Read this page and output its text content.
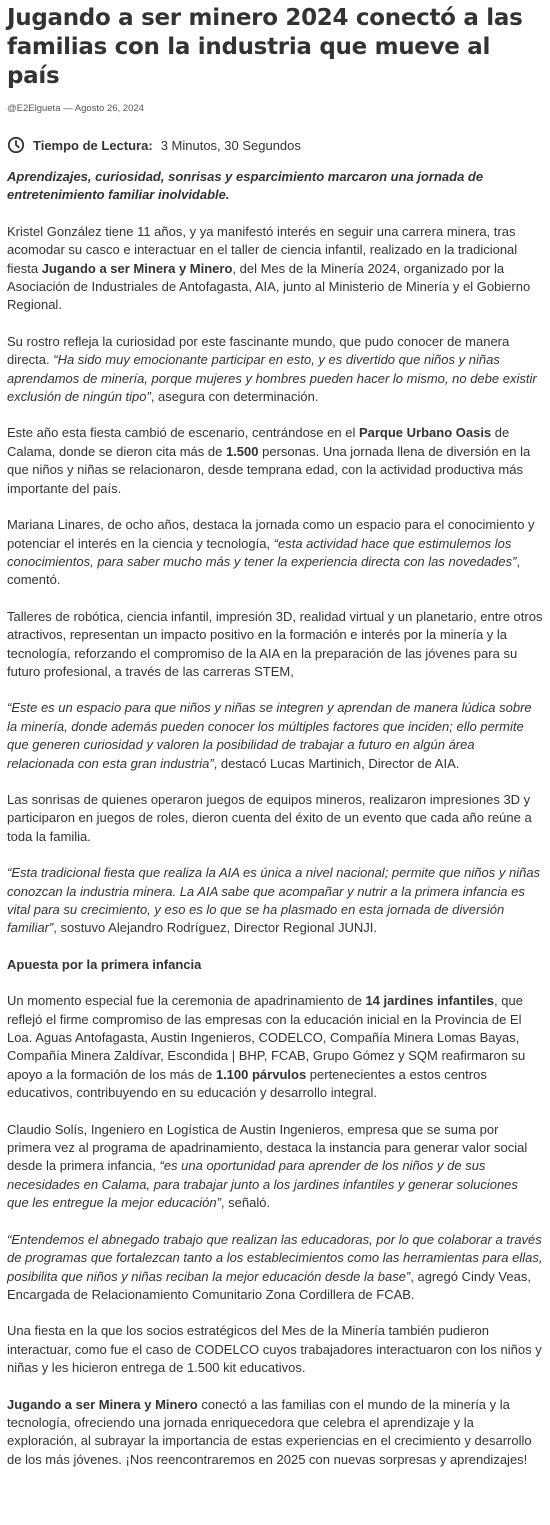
Jugando a ser minero 2024 conectó a las familias con la industria que mueve al país
@E2Elgueta — Agosto 26, 2024
Tiempo de Lectura: 3 Minutos, 30 Segundos

Aprendizajes, curiosidad, sonrisas y esparcimiento marcaron una jornada de entretenimiento familiar inolvidable.

Kristel González tiene 11 años, y ya manifestó interés en seguir una carrera minera, tras acomodar su casco e interactuar en el taller de ciencia infantil, realizado en la tradicional fiesta Jugando a ser Minera y Minero, del Mes de la Minería 2024, organizado por la Asociación de Industriales de Antofagasta, AIA, junto al Ministerio de Minería y el Gobierno Regional.

Su rostro refleja la curiosidad por este fascinante mundo, que pudo conocer de manera directa. “Ha sido muy emocionante participar en esto, y es divertido que niños y niñas aprendamos de minería, porque mujeres y hombres pueden hacer lo mismo, no debe existir exclusión de ningún tipo”, asegura con determinación.

Este año esta fiesta cambió de escenario, centrándose en el Parque Urbano Oasis de Calama, donde se dieron cita más de 1.500 personas. Una jornada llena de diversión en la que niños y niñas se relacionaron, desde temprana edad, con la actividad productiva más importante del país.

Mariana Linares, de ocho años, destaca la jornada como un espacio para el conocimiento y potenciar el interés en la ciencia y tecnología, “esta actividad hace que estimulemos los conocimientos, para saber mucho más y tener la experiencia directa con las novedades”, comentó.

Talleres de robótica, ciencia infantil, impresión 3D, realidad virtual y un planetario, entre otros atractivos, representan un impacto positivo en la formación e interés por la minería y la tecnología, reforzando el compromiso de la AIA en la preparación de las jóvenes para su futuro profesional, a través de las carreras STEM,

“Este es un espacio para que niños y niñas se integren y aprendan de manera lúdica sobre la minería, donde además pueden conocer los múltiples factores que inciden; ello permite que generen curiosidad y valoren la posibilidad de trabajar a futuro en algún área relacionada con esta gran industria”, destacó Lucas Martinich, Director de AIA.

Las sonrisas de quienes operaron juegos de equipos mineros, realizaron impresiones 3D y participaron en juegos de roles, dieron cuenta del éxito de un evento que cada año reúne a toda la familia.

“Esta tradicional fiesta que realiza la AIA es única a nivel nacional; permite que niños y niñas conozcan la industria minera. La AIA sabe que acompañar y nutrir a la primera infancia es vital para su crecimiento, y eso es lo que se ha plasmado en esta jornada de diversión familiar”, sostuvo Alejandro Rodríguez, Director Regional JUNJI.

Apuesta por la primera infancia

Un momento especial fue la ceremonia de apadrinamiento de 14 jardines infantiles, que reflejó el firme compromiso de las empresas con la educación inicial en la Provincia de El Loa. Aguas Antofagasta, Austin Ingenieros, CODELCO, Compañía Minera Lomas Bayas, Compañía Minera Zaldívar, Escondida | BHP, FCAB, Grupo Gómez y SQM reafirmaron su apoyo a la formación de los más de 1.100 párvulos pertenecientes a estos centros educativos, contribuyendo en su educación y desarrollo integral.

Claudio Solís, Ingeniero en Logística de Austin Ingenieros, empresa que se suma por primera vez al programa de apadrinamiento, destaca la instancia para generar valor social desde la primera infancia, “es una oportunidad para aprender de los niños y de sus necesidades en Calama, para trabajar junto a los jardines infantiles y generar soluciones que les entregue la mejor educación”, señaló.

“Entendemos el abnegado trabajo que realizan las educadoras, por lo que colaborar a través de programas que fortalezcan tanto a los establecimientos como las herramientas para ellas, posibilita que niños y niñas reciban la mejor educación desde la base”, agregó Cindy Veas, Encargada de Relacionamiento Comunitario Zona Cordillera de FCAB.

Una fiesta en la que los socios estratégicos del Mes de la Minería también pudieron interactuar, como fue el caso de CODELCO cuyos trabajadores interactuaron con los niños y niñas y les hicieron entrega de 1.500 kit educativos.

Jugando a ser Minera y Minero conectó a las familias con el mundo de la minería y la tecnología, ofreciendo una jornada enriquecedora que celebra el aprendizaje y la exploración, al subrayar la importancia de estas experiencias en el crecimiento y desarrollo de los más jóvenes. ¡Nos reencontraremos en 2025 con nuevas sorpresas y aprendizajes!
